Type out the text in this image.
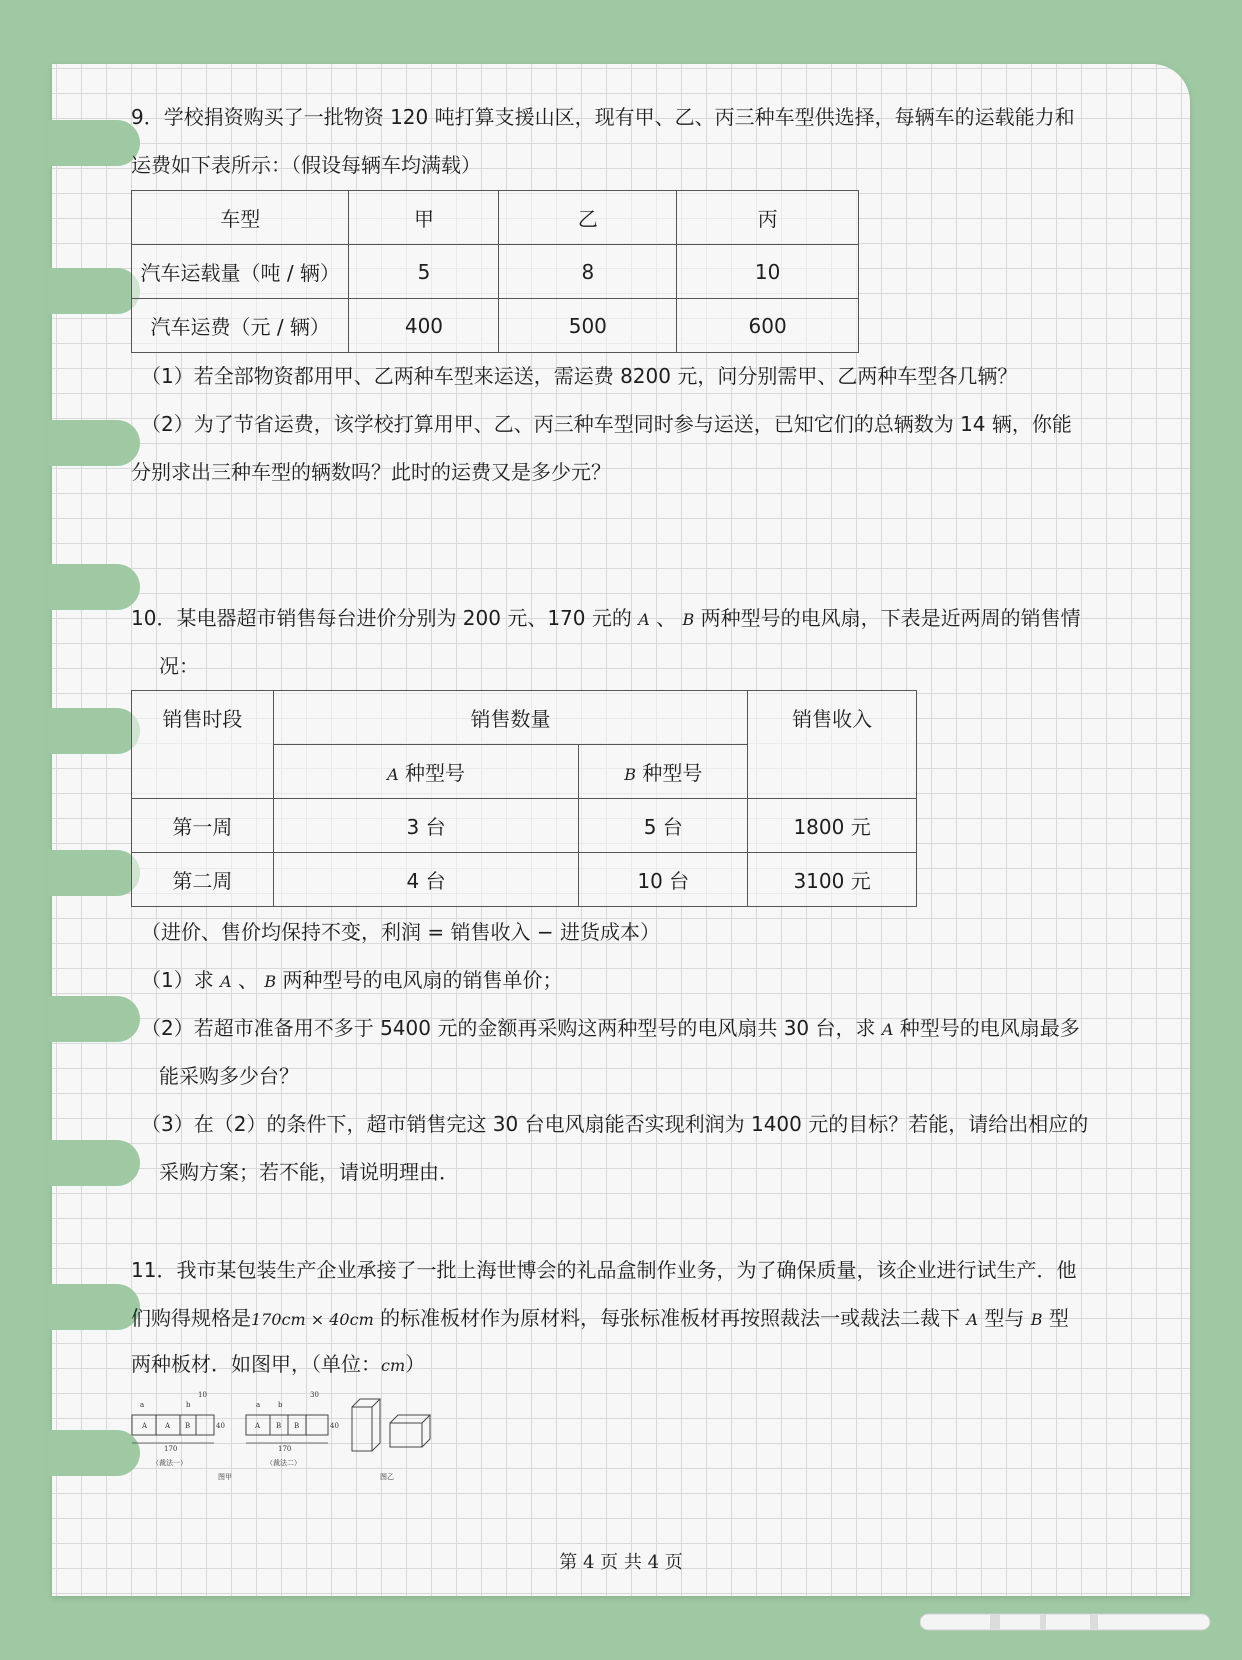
9．学校捐资购买了一批物资 120 吨打算支援山区，现有甲、乙、丙三种车型供选择，每辆车的运载能力和

运费如下表所示：（假设每辆车均满载）

车型	甲	乙	丙
汽车运载量（吨 / 辆）	5	8	10
汽车运费（元 / 辆）	400	500	600

（1）若全部物资都用甲、乙两种车型来运送，需运费 8200 元，问分别需甲、乙两种车型各几辆？

（2）为了节省运费，该学校打算用甲、乙、丙三种车型同时参与运送，已知它们的总辆数为 14 辆，你能

分别求出三种车型的辆数吗？此时的运费又是多少元？

10．某电器超市销售每台进价分别为 200 元、170 元的 A 、 B 两种型号的电风扇，下表是近两周的销售情

况：

销售时段	销售数量		销售收入
	A 种型号	B 种型号	
第一周	3 台	5 台	1800 元
第二周	4 台	10 台	3100 元

（进价、售价均保持不变，利润 = 销售收入 − 进货成本）

（1）求 A 、 B 两种型号的电风扇的销售单价；

（2）若超市准备用不多于 5400 元的金额再采购这两种型号的电风扇共 30 台，求 A 种型号的电风扇最多

能采购多少台？

（3）在（2）的条件下，超市销售完这 30 台电风扇能否实现利润为 1400 元的目标？若能，请给出相应的

采购方案；若不能，请说明理由．

11．我市某包装生产企业承接了一批上海世博会的礼品盒制作业务，为了确保质量，该企业进行试生产．他

们购得规格是170cm × 40cm 的标准板材作为原材料，每张标准板材再按照裁法一或裁法二裁下 A 型与 B 型

两种板材．如图甲，（单位：cm）

A	A B
a	b
10
40
170
（裁法一）
A B B
a	b
30
40
170
（裁法二）
图甲	图乙
第 4 页 共 4 页
